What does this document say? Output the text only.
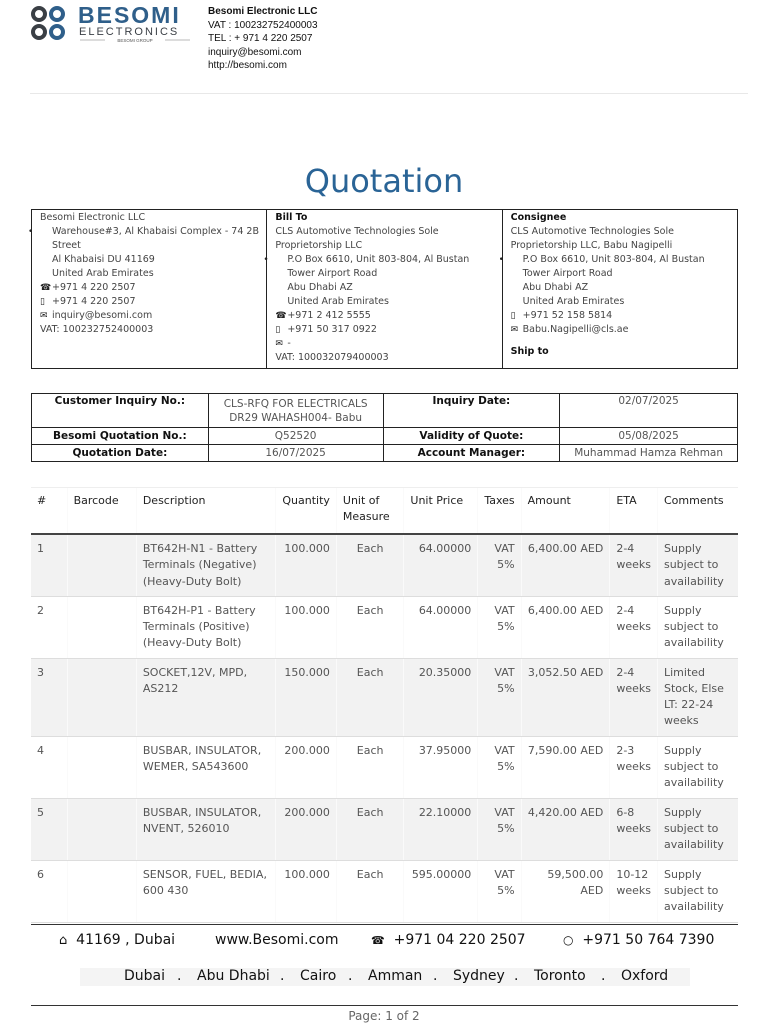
BESOMI
ELECTRONICS
BESOMI GROUP
Besomi Electronic LLC
VAT : 100232752400003
TEL : + 971 4 220 2507
inquiry@besomi.com
http://besomi.com
Quotation
Besomi Electronic LLC
• Warehouse#3, Al Khabaisi Complex - 74 2B Street
Al Khabaisi DU 41169
United Arab Emirates
☎+971 4 220 2507
▯ +971 4 220 2507
✉ inquiry@besomi.com
VAT: 100232752400003
Bill To
CLS Automotive Technologies Sole Proprietorship LLC
• P.O Box 6610, Unit 803-804, Al Bustan Tower Airport Road
Abu Dhabi AZ
United Arab Emirates
☎+971 2 412 5555
▯ +971 50 317 0922
✉ -
VAT: 100032079400003
Consignee
CLS Automotive Technologies Sole Proprietorship LLC, Babu Nagipelli
• P.O Box 6610, Unit 803-804, Al Bustan Tower Airport Road
Abu Dhabi AZ
United Arab Emirates
▯ +971 52 158 5814
✉ Babu.Nagipelli@cls.ae
Ship to
Customer Inquiry No.:	CLS-RFQ FOR ELECTRICALS DR29 WAHASH004- Babu	Inquiry Date:	02/07/2025
Besomi Quotation No.:	Q52520	Validity of Quote:	05/08/2025
Quotation Date:	16/07/2025	Account Manager:	Muhammad Hamza Rehman
#	Barcode	Description	Quantity	Unit of Measure	Unit Price	Taxes	Amount	ETA	Comments
1		BT642H-N1 - Battery Terminals (Negative) (Heavy-Duty Bolt)	100.000	Each	64.00000	VAT 5%	6,400.00 AED	2-4 weeks	Supply subject to availability
2		BT642H-P1 - Battery Terminals (Positive) (Heavy-Duty Bolt)	100.000	Each	64.00000	VAT 5%	6,400.00 AED	2-4 weeks	Supply subject to availability
3		SOCKET,12V, MPD, AS212	150.000	Each	20.35000	VAT 5%	3,052.50 AED	2-4 weeks	Limited Stock, Else LT: 22-24 weeks
4		BUSBAR, INSULATOR, WEMER, SA543600	200.000	Each	37.95000	VAT 5%	7,590.00 AED	2-3 weeks	Supply subject to availability
5		BUSBAR, INSULATOR, NVENT, 526010	200.000	Each	22.10000	VAT 5%	4,420.00 AED	6-8 weeks	Supply subject to availability
6		SENSOR, FUEL, BEDIA, 600 430	100.000	Each	595.00000	VAT 5%	59,500.00 AED	10-12 weeks	Supply subject to availability
⌂ 41169 , Dubai	www.Besomi.com	☎ +971 04 220 2507	○ +971 50 764 7390
Dubai . Abu Dhabi . Cairo . Amman . Sydney . Toronto . Oxford
Page: 1 of 2
